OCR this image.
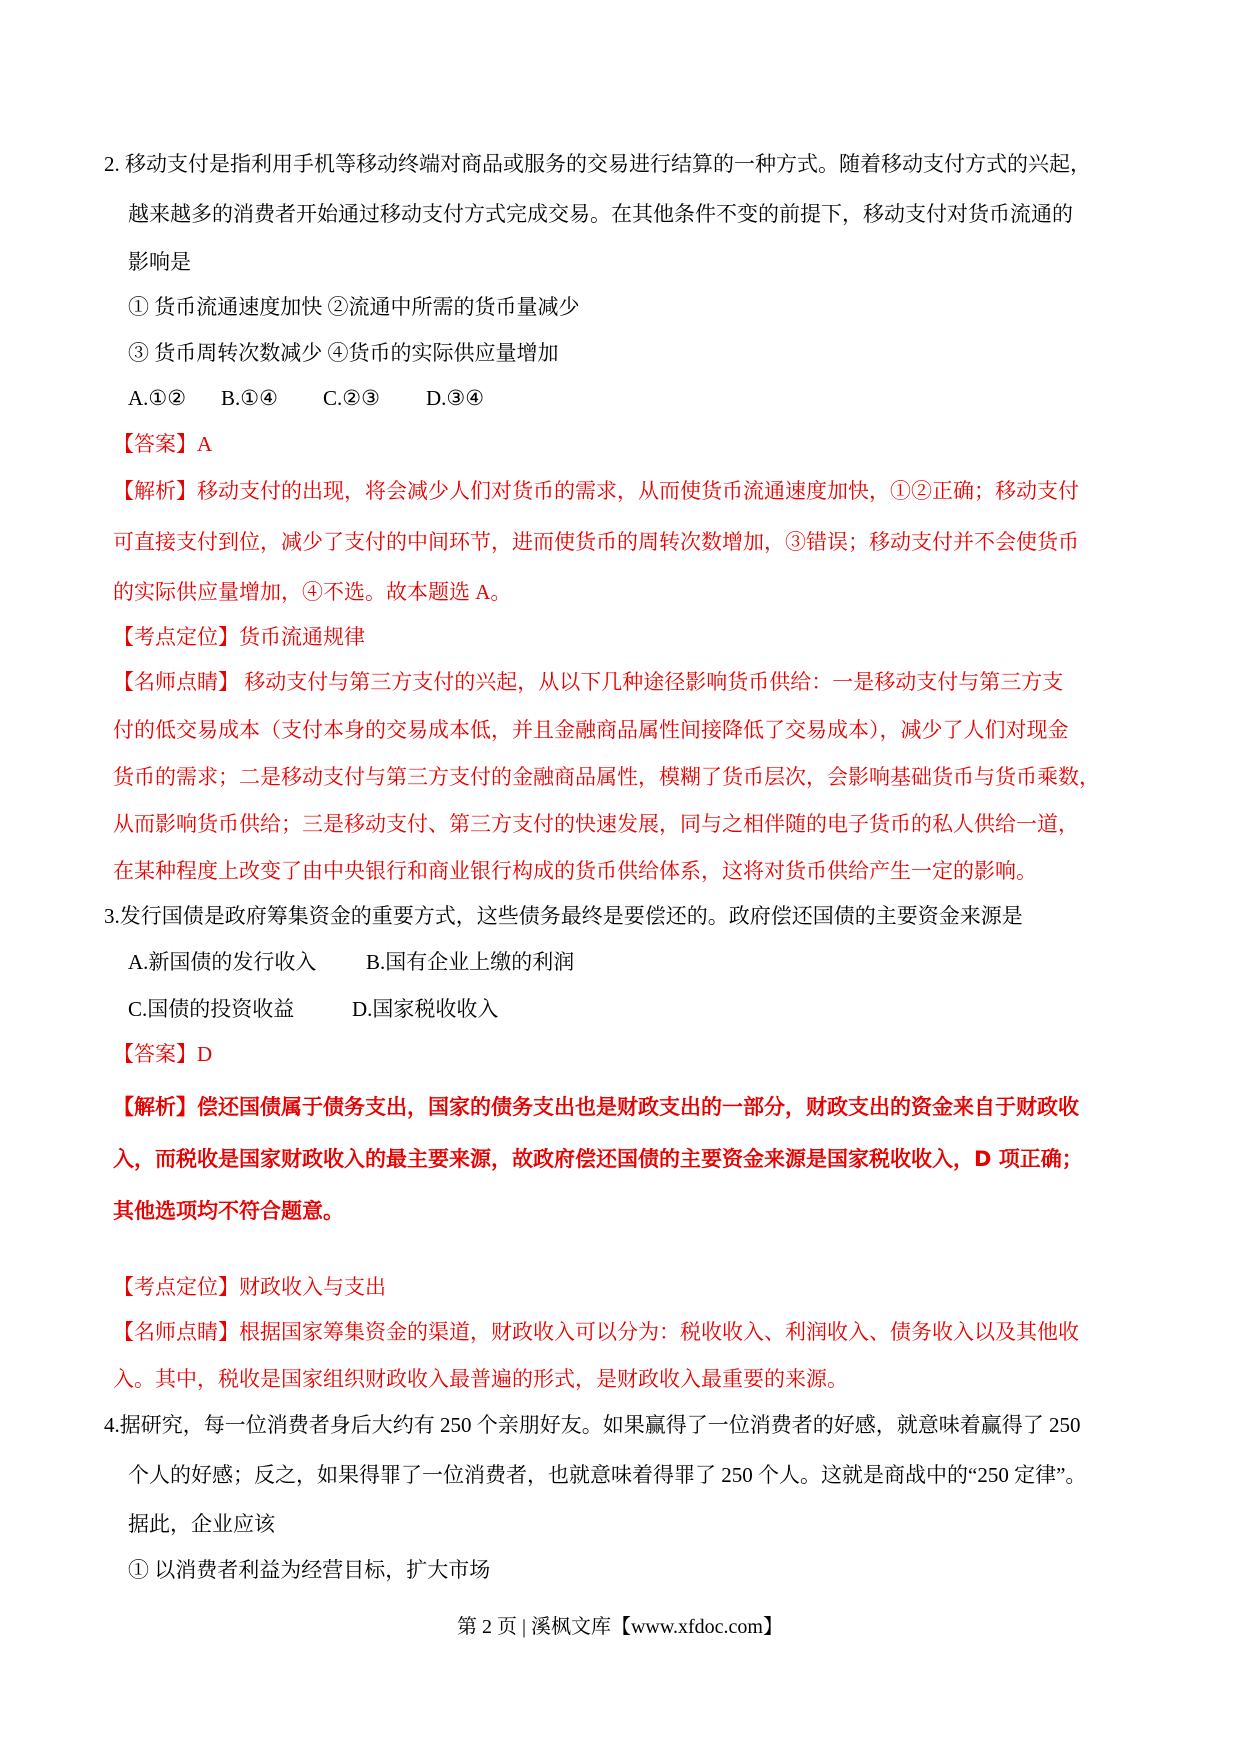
2. 移动支付是指利用手机等移动终端对商品或服务的交易进行结算的一种方式。随着移动支付方式的兴起，
越来越多的消费者开始通过移动支付方式完成交易。在其他条件不变的前提下，移动支付对货币流通的
影响是
① 货币流通速度加快 ②流通中所需的货币量减少
③ 货币周转次数减少 ④货币的实际供应量增加
A.①② B.①④ C.②③ D.③④
【答案】A
【解析】移动支付的出现，将会减少人们对货币的需求，从而使货币流通速度加快，①②正确；移动支付
可直接支付到位，减少了支付的中间环节，进而使货币的周转次数增加，③错误；移动支付并不会使货币
的实际供应量增加，④不选。故本题选 A。
【考点定位】货币流通规律
【名师点睛】 移动支付与第三方支付的兴起，从以下几种途径影响货币供给：一是移动支付与第三方支
付的低交易成本（支付本身的交易成本低，并且金融商品属性间接降低了交易成本），减少了人们对现金
货币的需求；二是移动支付与第三方支付的金融商品属性，模糊了货币层次，会影响基础货币与货币乘数，
从而影响货币供给；三是移动支付、第三方支付的快速发展，同与之相伴随的电子货币的私人供给一道，
在某种程度上改变了由中央银行和商业银行构成的货币供给体系，这将对货币供给产生一定的影响。
3.发行国债是政府筹集资金的重要方式，这些债务最终是要偿还的。政府偿还国债的主要资金来源是
A.新国债的发行收入 B.国有企业上缴的利润
C.国债的投资收益	D.国家税收收入
【答案】D
【解析】偿还国债属于债务支出，国家的债务支出也是财政支出的一部分，财政支出的资金来自于财政收
入，而税收是国家财政收入的最主要来源，故政府偿还国债的主要资金来源是国家税收收入，D 项正确；
其他选项均不符合题意。
【考点定位】财政收入与支出
【名师点睛】根据国家筹集资金的渠道，财政收入可以分为：税收收入、利润收入、债务收入以及其他收
入。其中，税收是国家组织财政收入最普遍的形式，是财政收入最重要的来源。
4.据研究，每一位消费者身后大约有 250 个亲朋好友。如果赢得了一位消费者的好感，就意味着赢得了 250
个人的好感；反之，如果得罪了一位消费者，也就意味着得罪了 250 个人。这就是商战中的“250 定律”。
据此，企业应该
① 以消费者利益为经营目标，扩大市场
第 2 页 | 溪枫文库【www.xfdoc.com】
